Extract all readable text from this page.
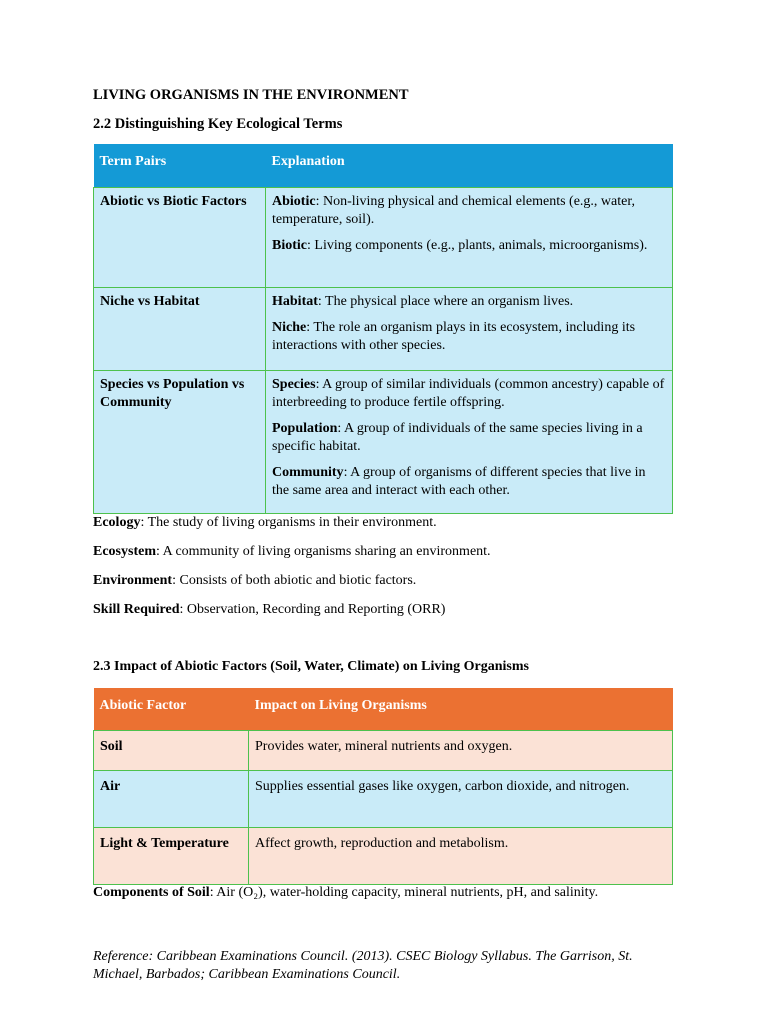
LIVING ORGANISMS IN THE ENVIRONMENT
2.2 Distinguishing Key Ecological Terms
Term Pairs	Explanation
Abiotic vs Biotic Factors	Abiotic: Non-living physical and chemical elements (e.g., water, temperature, soil).

Biotic: Living components (e.g., plants, animals, microorganisms).

Niche vs Habitat	Habitat: The physical place where an organism lives.

Niche: The role an organism plays in its ecosystem, including its interactions with other species.

Species vs Population vs Community	Species: A group of similar individuals (common ancestry) capable of interbreeding to produce fertile offspring.

Population: A group of individuals of the same species living in a specific habitat.

Community: A group of organisms of different species that live in the same area and interact with each other.

Ecology: The study of living organisms in their environment.
Ecosystem: A community of living organisms sharing an environment.
Environment: Consists of both abiotic and biotic factors.
Skill Required: Observation, Recording and Reporting (ORR)
2.3 Impact of Abiotic Factors (Soil, Water, Climate) on Living Organisms
Abiotic Factor	Impact on Living Organisms
Soil	Provides water, mineral nutrients and oxygen.
Air	Supplies essential gases like oxygen, carbon dioxide, and nitrogen.
Light & Temperature	Affect growth, reproduction and metabolism.
Components of Soil: Air (O₂), water-holding capacity, mineral nutrients, pH, and salinity.
Reference: Caribbean Examinations Council. (2013). CSEC Biology Syllabus. The Garrison, St. Michael, Barbados; Caribbean Examinations Council.
